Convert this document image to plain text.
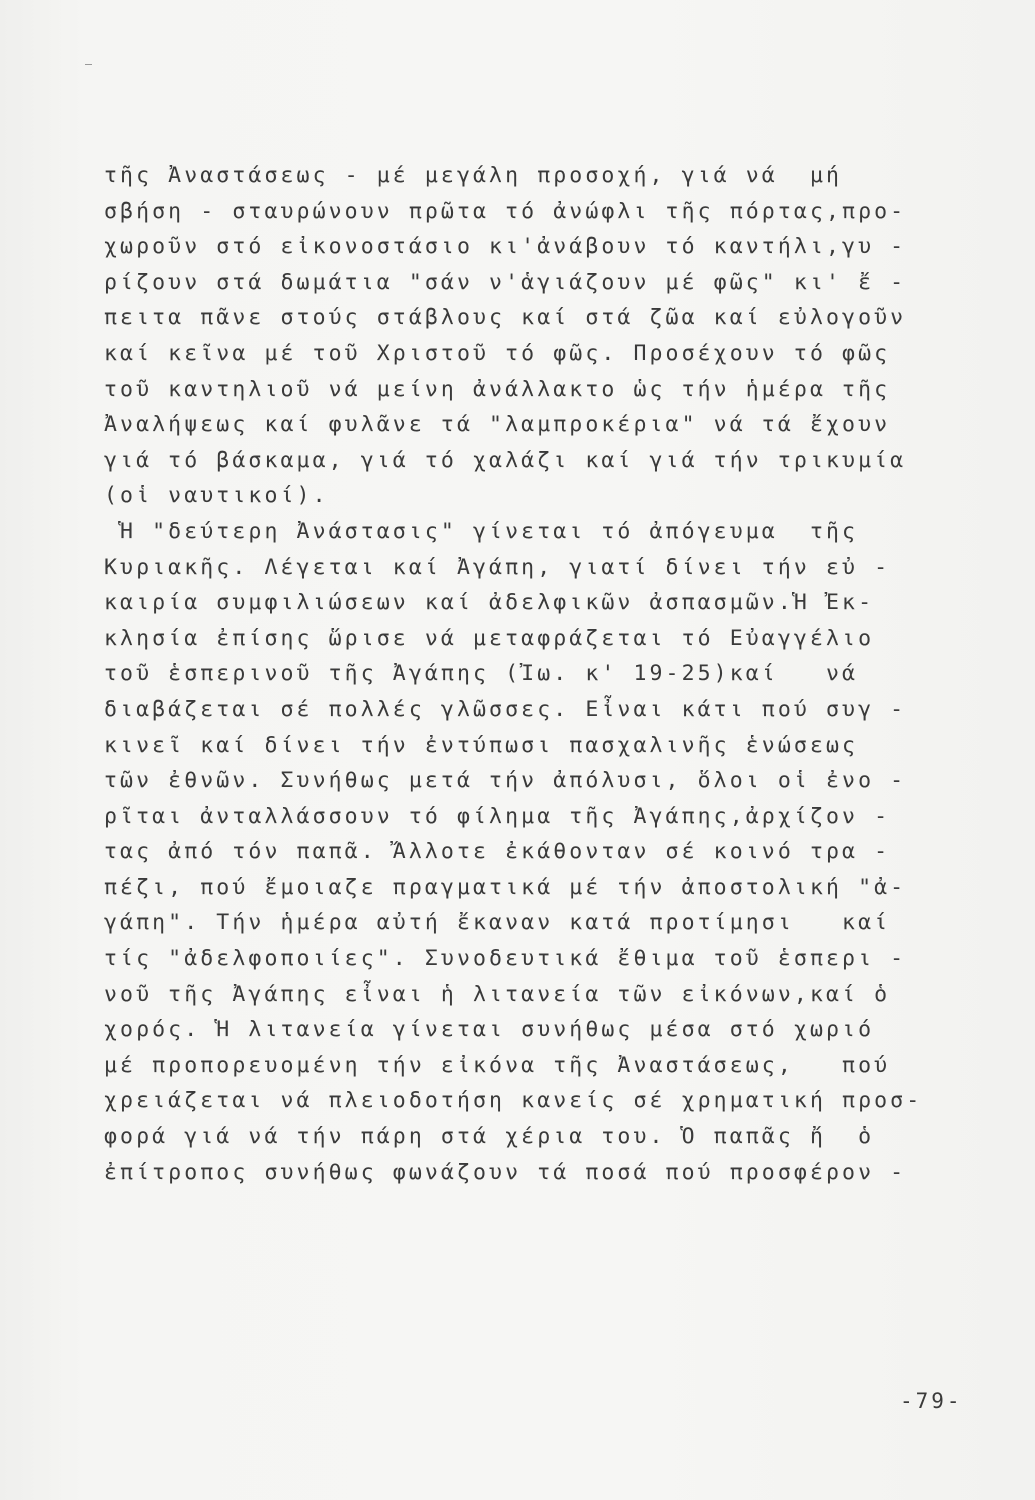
τῆς Ἀναστάσεως - μέ μεγάλη προσοχή, γιά νά  μή
σβήση - σταυρώνουν πρῶτα τό ἀνώφλι τῆς πόρτας,προ-
χωροῦν στό εἰκονοστάσιο κι'ἀνάβουν τό καντήλι,γυ -
ρίζουν στά δωμάτια "σάν ν'ἁγιάζουν μέ φῶς" κι' ἔ -
πειτα πᾶνε στούς στάβλους καί στά ζῶα καί εὐλογοῦν
καί κεῖνα μέ τοῦ Χριστοῦ τό φῶς. Προσέχουν τό φῶς
τοῦ καντηλιοῦ νά μείνη ἀνάλλακτο ὡς τήν ἡμέρα τῆς
Ἀναλήψεως καί φυλᾶνε τά "λαμπροκέρια" νά τά ἔχουν
γιά τό βάσκαμα, γιά τό χαλάζι καί γιά τήν τρικυμία
(οἱ ναυτικοί).
Ἡ "δεύτερη Ἀνάστασις" γίνεται τό ἀπόγευμα  τῆς
Κυριακῆς. Λέγεται καί Ἀγάπη, γιατί δίνει τήν εὐ -
καιρία συμφιλιώσεων καί ἀδελφικῶν ἀσπασμῶν.Ἡ Ἐκ-
κλησία ἐπίσης ὥρισε νά μεταφράζεται τό Εὐαγγέλιο
τοῦ ἑσπερινοῦ τῆς Ἀγάπης (Ἰω. κ' 19-25)καί   νά
διαβάζεται σέ πολλές γλῶσσες. Εἶναι κάτι πού συγ -
κινεῖ καί δίνει τήν ἐντύπωσι πασχαλινῆς ἑνώσεως
τῶν ἐθνῶν. Συνήθως μετά τήν ἀπόλυσι, ὅλοι οἱ ἐνο -
ρῖται ἀνταλλάσσουν τό φίλημα τῆς Ἀγάπης,ἀρχίζον -
τας ἀπό τόν παπᾶ. Ἄλλοτε ἐκάθονταν σέ κοινό τρα -
πέζι, πού ἔμοιαζε πραγματικά μέ τήν ἀποστολική "ἀ-
γάπη". Τήν ἡμέρα αὐτή ἔκαναν κατά προτίμησι   καί
τίς "ἀδελφοποιίες". Συνοδευτικά ἔθιμα τοῦ ἑσπερι -
νοῦ τῆς Ἀγάπης εἶναι ἡ λιτανεία τῶν εἰκόνων,καί ὁ
χορός. Ἡ λιτανεία γίνεται συνήθως μέσα στό χωριό
μέ προπορευομένη τήν εἰκόνα τῆς Ἀναστάσεως,   πού
χρειάζεται νά πλειοδοτήση κανείς σέ χρηματική προσ-
φορά γιά νά τήν πάρη στά χέρια του. Ὁ παπᾶς ἤ  ὁ
ἐπίτροπος συνήθως φωνάζουν τά ποσά πού προσφέρον -
-79-
